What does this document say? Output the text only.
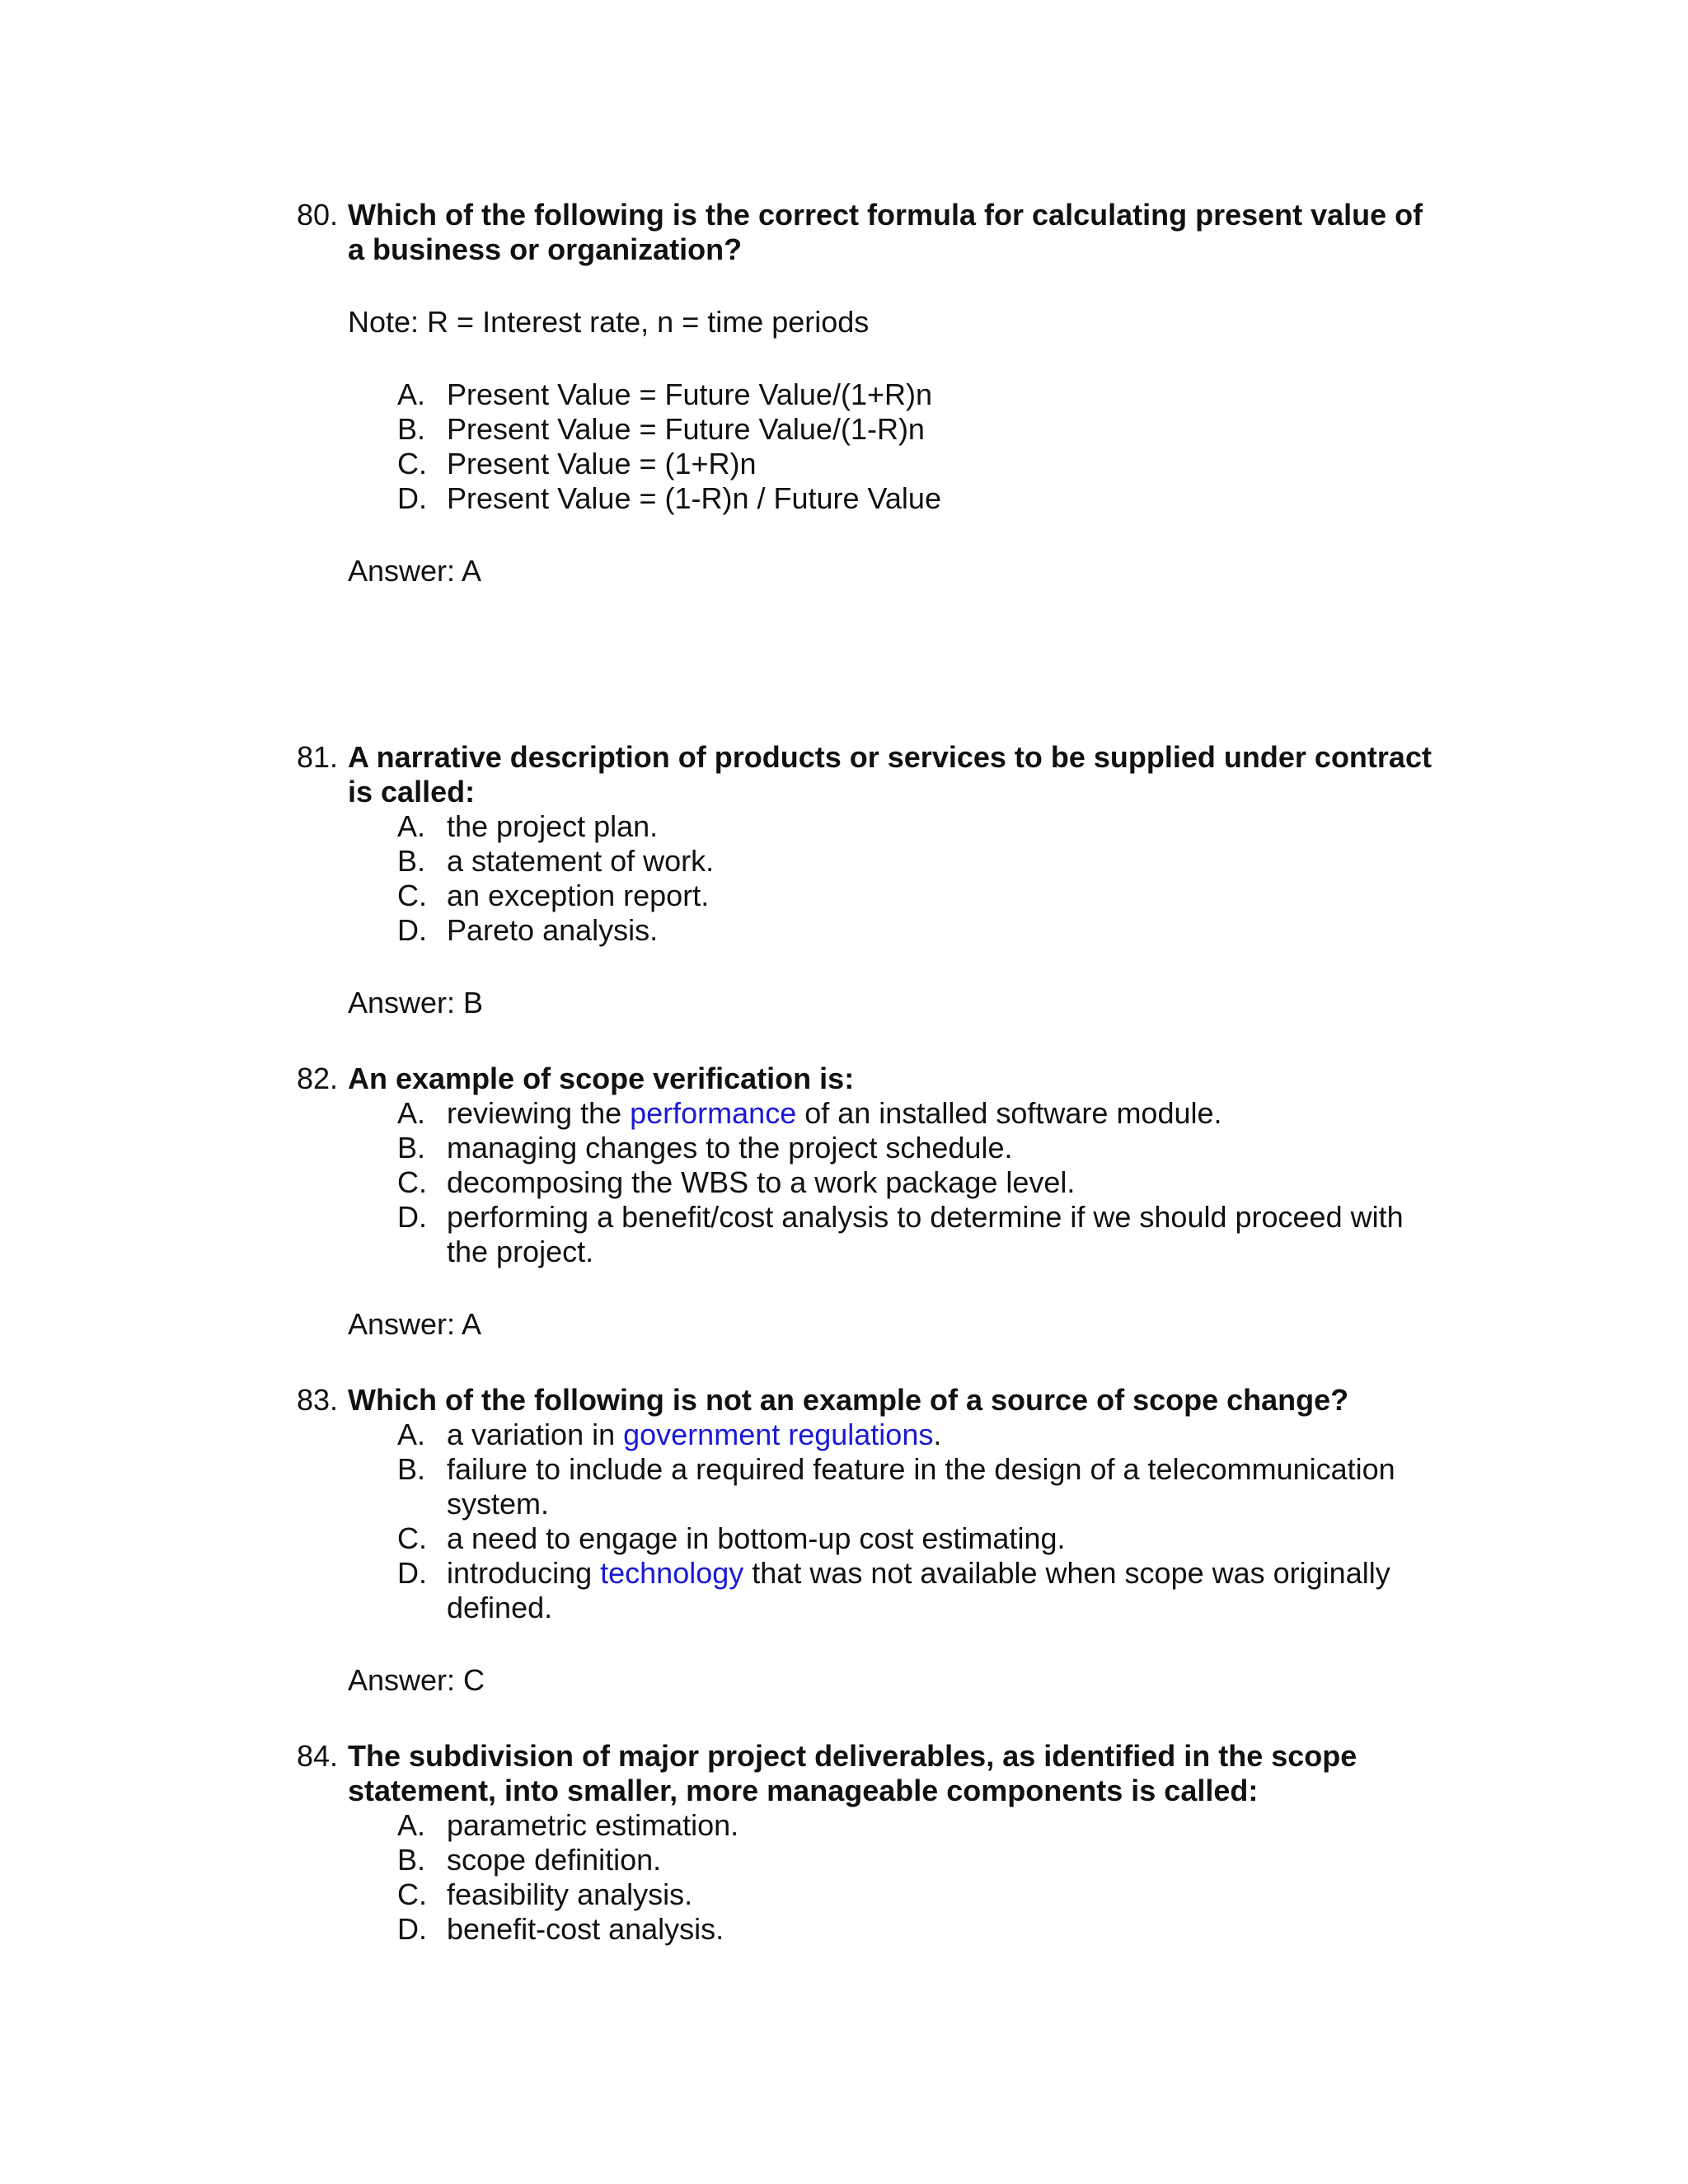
80. Which of the following is the correct formula for calculating present value of a business or organization?
Note: R = Interest rate, n = time periods
A. Present Value = Future Value/(1+R)n
B. Present Value = Future Value/(1-R)n
C. Present Value = (1+R)n
D. Present Value = (1-R)n / Future Value
Answer: A
81. A narrative description of products or services to be supplied under contract is called:
A. the project plan.
B. a statement of work.
C. an exception report.
D. Pareto analysis.
Answer: B
82. An example of scope verification is:
A. reviewing the performance of an installed software module.
B. managing changes to the project schedule.
C. decomposing the WBS to a work package level.
D. performing a benefit/cost analysis to determine if we should proceed with the project.
Answer: A
83. Which of the following is not an example of a source of scope change?
A. a variation in government regulations.
B. failure to include a required feature in the design of a telecommunication system.
C. a need to engage in bottom-up cost estimating.
D. introducing technology that was not available when scope was originally defined.
Answer: C
84. The subdivision of major project deliverables, as identified in the scope statement, into smaller, more manageable components is called:
A. parametric estimation.
B. scope definition.
C. feasibility analysis.
D. benefit-cost analysis.
